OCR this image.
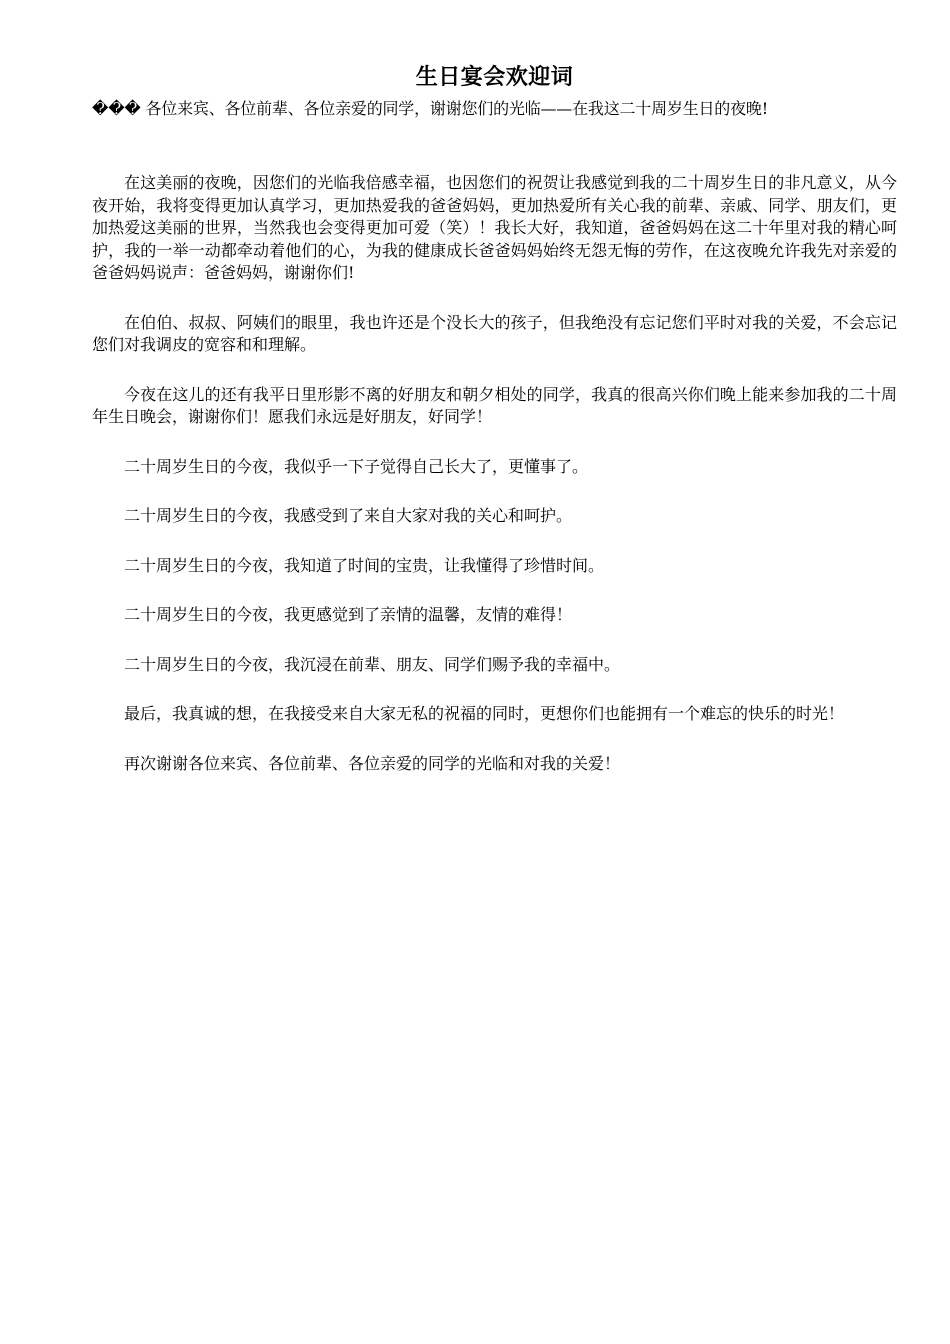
生日宴会欢迎词

��� 各位来宾、各位前辈、各位亲爱的同学，谢谢您们的光临——在我这二十周岁生日的夜晚!

在这美丽的夜晚，因您们的光临我倍感幸福，也因您们的祝贺让我感觉到我的二十周岁生日的非凡意义，从今夜开始，我将变得更加认真学习，更加热爱我的爸爸妈妈，更加热爱所有关心我的前辈、亲戚、同学、朋友们，更加热爱这美丽的世界，当然我也会变得更加可爱（笑）！我长大好，我知道，爸爸妈妈在这二十年里对我的精心呵护，我的一举一动都牵动着他们的心，为我的健康成长爸爸妈妈始终无怨无悔的劳作，在这夜晚允许我先对亲爱的爸爸妈妈说声：爸爸妈妈，谢谢你们!

在伯伯、叔叔、阿姨们的眼里，我也许还是个没长大的孩子，但我绝没有忘记您们平时对我的关爱，不会忘记您们对我调皮的宽容和和理解。

今夜在这儿的还有我平日里形影不离的好朋友和朝夕相处的同学，我真的很高兴你们晚上能来参加我的二十周年生日晚会，谢谢你们！愿我们永远是好朋友，好同学！

二十周岁生日的今夜，我似乎一下子觉得自己长大了，更懂事了。

二十周岁生日的今夜，我感受到了来自大家对我的关心和呵护。

二十周岁生日的今夜，我知道了时间的宝贵，让我懂得了珍惜时间。

二十周岁生日的今夜，我更感觉到了亲情的温馨，友情的难得！

二十周岁生日的今夜，我沉浸在前辈、朋友、同学们赐予我的幸福中。

最后，我真诚的想，在我接受来自大家无私的祝福的同时，更想你们也能拥有一个难忘的快乐的时光！

再次谢谢各位来宾、各位前辈、各位亲爱的同学的光临和对我的关爱！
